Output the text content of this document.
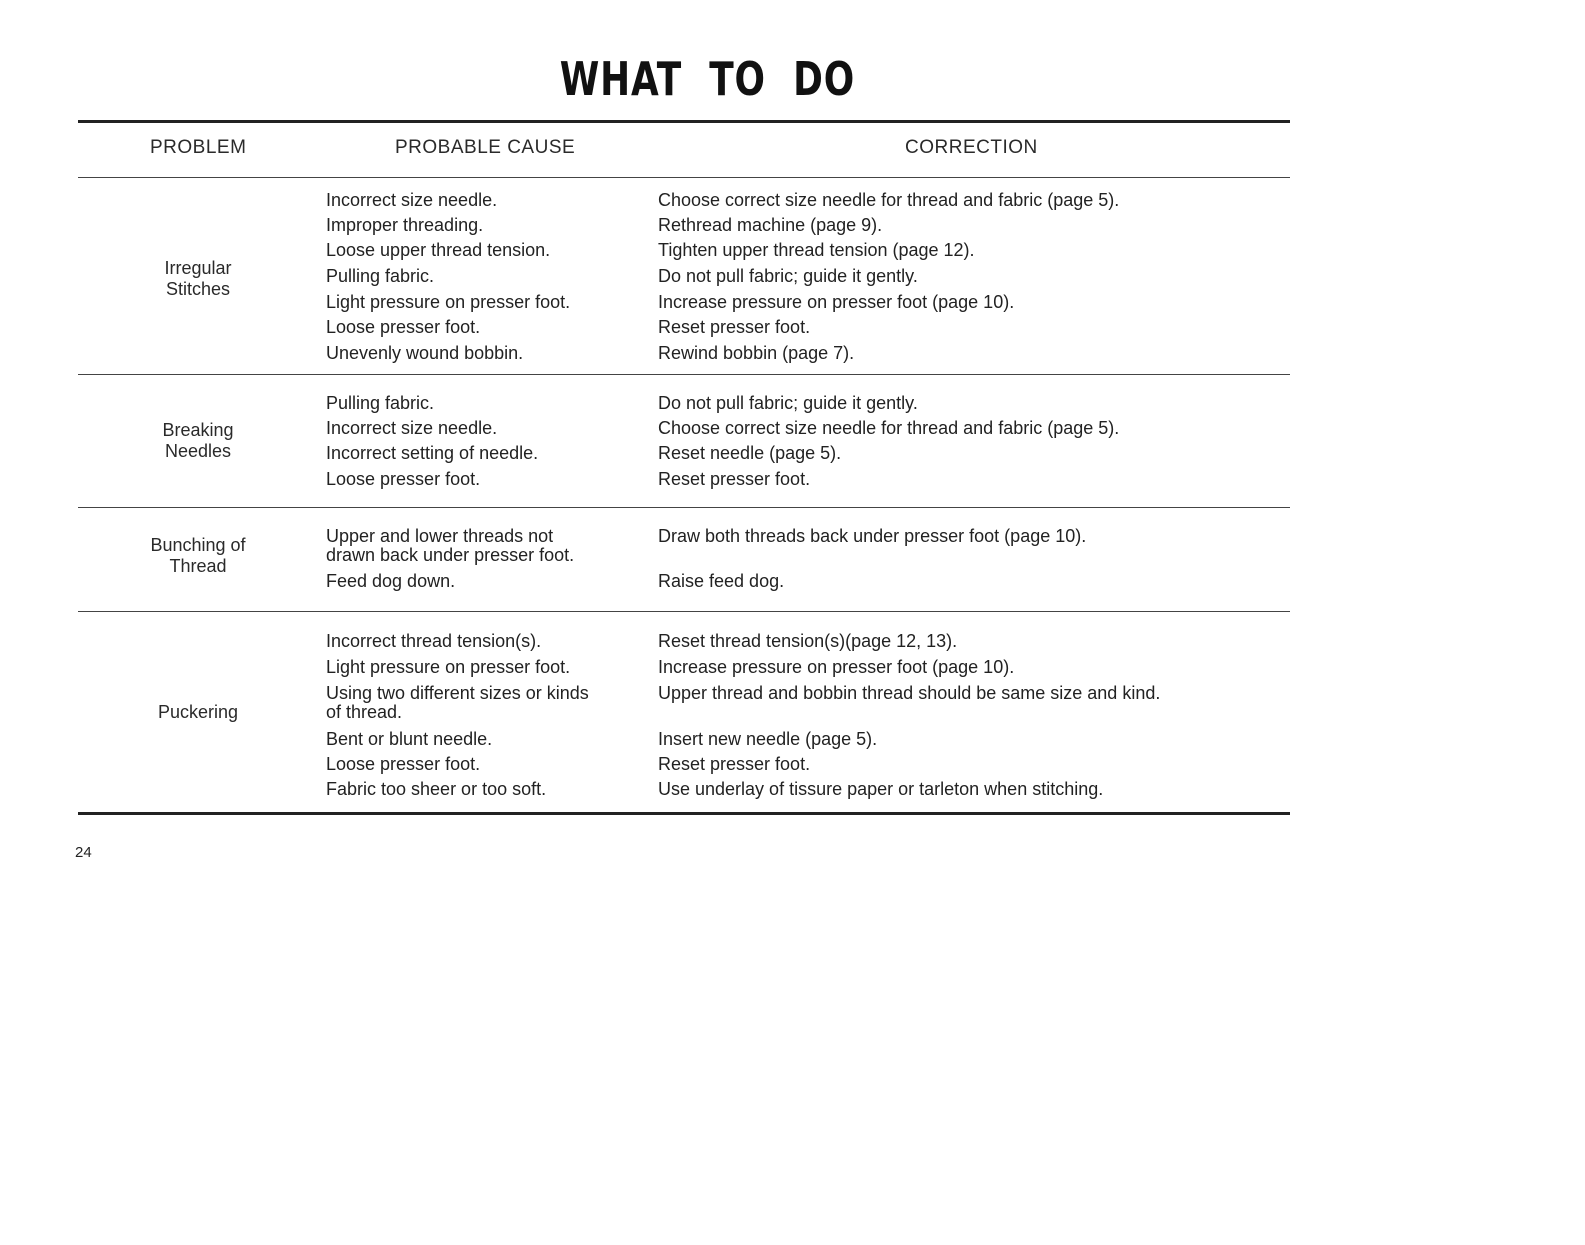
WHAT TO DO
PROBLEM	PROBABLE CAUSE	CORRECTION
Irregular
Stitches
Incorrect size needle.
Improper threading.
Loose upper thread tension.
Pulling fabric.
Light pressure on presser foot.
Loose presser foot.
Unevenly wound bobbin.
Choose correct size needle for thread and fabric (page 5).
Rethread machine (page 9).
Tighten upper thread tension (page 12).
Do not pull fabric; guide it gently.
Increase pressure on presser foot (page 10).
Reset presser foot.
Rewind bobbin (page 7).
Breaking
Needles
Pulling fabric.
Incorrect size needle.
Incorrect setting of needle.
Loose presser foot.
Do not pull fabric; guide it gently.
Choose correct size needle for thread and fabric (page 5).
Reset needle (page 5).
Reset presser foot.
Bunching of
Thread
Upper and lower threads not
drawn back under presser foot.
Feed dog down.
Draw both threads back under presser foot (page 10).
Raise feed dog.
Puckering
Incorrect thread tension(s).
Light pressure on presser foot.
Using two different sizes or kinds
of thread.
Bent or blunt needle.
Loose presser foot.
Fabric too sheer or too soft.
Reset thread tension(s)(page 12, 13).
Increase pressure on presser foot (page 10).
Upper thread and bobbin thread should be same size and kind.
Insert new needle (page 5).
Reset presser foot.
Use underlay of tissure paper or tarleton when stitching.
24
